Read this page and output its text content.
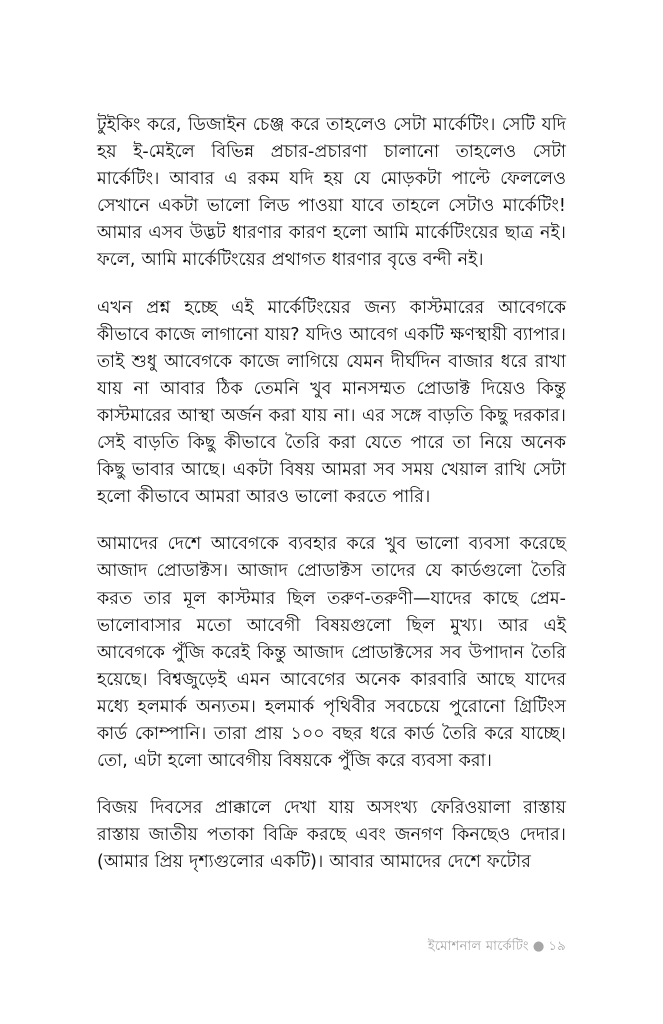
টুইকিং করে, ডিজাইন চেঞ্জ করে তাহলেও সেটা মার্কেটিং। সেটি যদি হয় ই-মেইলে বিভিন্ন প্রচার-প্রচারণা চালানো তাহলেও সেটা মার্কেটিং। আবার এ রকম যদি হয় যে মোড়কটা পাল্টে ফেললেও সেখানে একটা ভালো লিড পাওয়া যাবে তাহলে সেটাও মার্কেটিং! আমার এসব উদ্ভট ধারণার কারণ হলো আমি মার্কেটিংয়ের ছাত্র নই। ফলে, আমি মার্কেটিংয়ের প্রথাগত ধারণার বৃত্তে বন্দী নই।

এখন প্রশ্ন হচ্ছে এই মার্কেটিংয়ের জন্য কাস্টমারের আবেগকে কীভাবে কাজে লাগানো যায়? যদিও আবেগ একটি ক্ষণস্থায়ী ব্যাপার। তাই শুধু আবেগকে কাজে লাগিয়ে যেমন দীর্ঘদিন বাজার ধরে রাখা যায় না আবার ঠিক তেমনি খুব মানসম্মত প্রোডাক্ট দিয়েও কিন্তু কাস্টমারের আস্থা অর্জন করা যায় না। এর সঙ্গে বাড়তি কিছু দরকার। সেই বাড়তি কিছু কীভাবে তৈরি করা যেতে পারে তা নিয়ে অনেক কিছু ভাবার আছে। একটা বিষয় আমরা সব সময় খেয়াল রাখি সেটা হলো কীভাবে আমরা আরও ভালো করতে পারি।

আমাদের দেশে আবেগকে ব্যবহার করে খুব ভালো ব্যবসা করেছে আজাদ প্রোডাক্টস। আজাদ প্রোডাক্টস তাদের যে কার্ডগুলো তৈরি করত তার মূল কাস্টমার ছিল তরুণ-তরুণী—যাদের কাছে প্রেম-ভালোবাসার মতো আবেগী বিষয়গুলো ছিল মুখ্য। আর এই আবেগকে পুঁজি করেই কিন্তু আজাদ প্রোডাক্টসের সব উপাদান তৈরি হয়েছে। বিশ্বজুড়েই এমন আবেগের অনেক কারবারি আছে যাদের মধ্যে হলমার্ক অন্যতম। হলমার্ক পৃথিবীর সবচেয়ে পুরোনো গ্রিটিংস কার্ড কোম্পানি। তারা প্রায় ১০০ বছর ধরে কার্ড তৈরি করে যাচ্ছে। তো, এটা হলো আবেগীয় বিষয়কে পুঁজি করে ব্যবসা করা।

বিজয় দিবসের প্রাক্কালে দেখা যায় অসংখ্য ফেরিওয়ালা রাস্তায় রাস্তায় জাতীয় পতাকা বিক্রি করছে এবং জনগণ কিনছেও দেদার। (আমার প্রিয় দৃশ্যগুলোর একটি)। আবার আমাদের দেশে ফটোর

ইমোশনাল মার্কেটিং ● ১৯
